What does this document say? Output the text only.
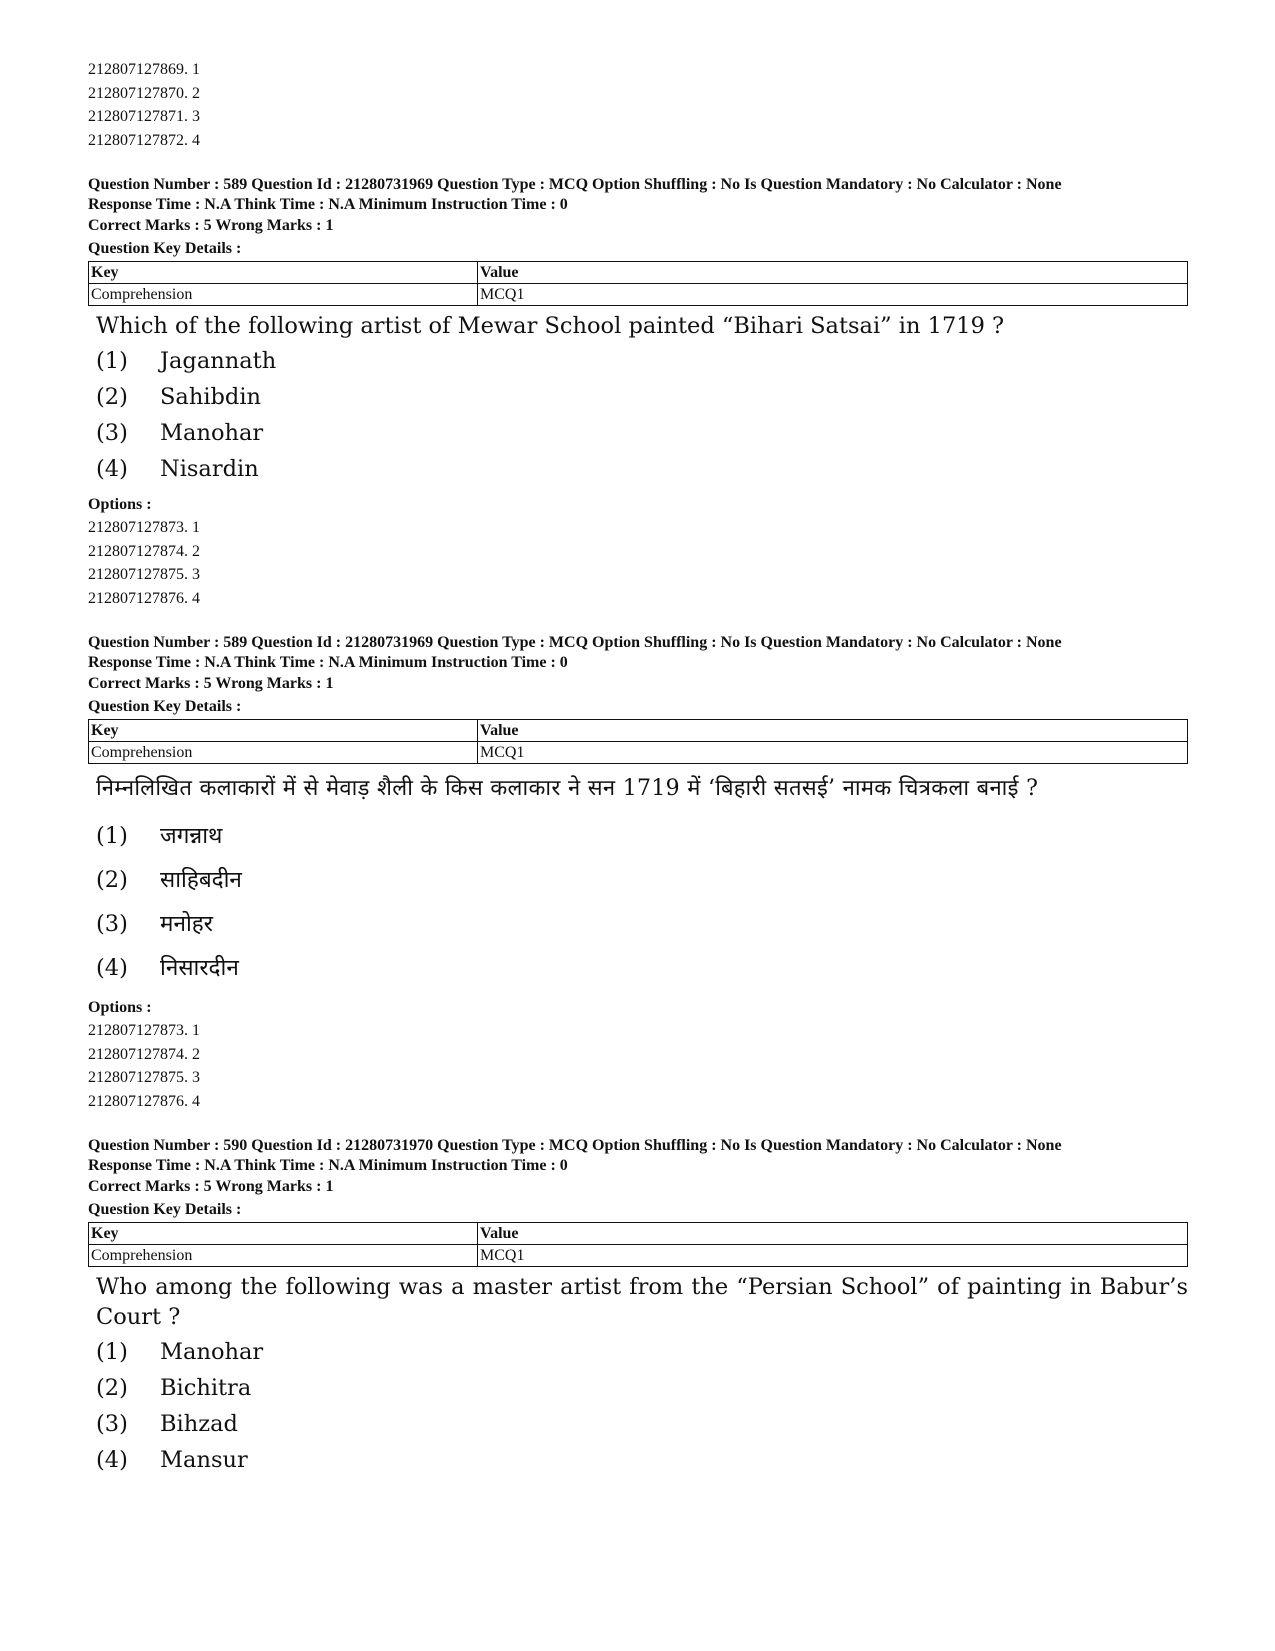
212807127869. 1
212807127870. 2
212807127871. 3
212807127872. 4
Question Number : 589 Question Id : 21280731969 Question Type : MCQ Option Shuffling : No Is Question Mandatory : No Calculator : None
Response Time : N.A Think Time : N.A Minimum Instruction Time : 0
Correct Marks : 5 Wrong Marks : 1
Question Key Details :
Key	Value
Comprehension	MCQ1
Which of the following artist of Mewar School painted “Bihari Satsai” in 1719 ?
(1)	Jagannath
(2)	Sahibdin
(3)	Manohar
(4)	Nisardin
Options :
212807127873. 1
212807127874. 2
212807127875. 3
212807127876. 4
Question Number : 589 Question Id : 21280731969 Question Type : MCQ Option Shuffling : No Is Question Mandatory : No Calculator : None
Response Time : N.A Think Time : N.A Minimum Instruction Time : 0
Correct Marks : 5 Wrong Marks : 1
Question Key Details :
Key	Value
Comprehension	MCQ1
निम्नलिखित कलाकारों में से मेवाड़ शैली के किस कलाकार ने सन 1719 में ‘बिहारी सतसई’ नामक चित्रकला बनाई ?
(1)	जगन्नाथ
(2)	साहिबदीन
(3)	मनोहर
(4)	निसारदीन
Options :
212807127873. 1
212807127874. 2
212807127875. 3
212807127876. 4
Question Number : 590 Question Id : 21280731970 Question Type : MCQ Option Shuffling : No Is Question Mandatory : No Calculator : None
Response Time : N.A Think Time : N.A Minimum Instruction Time : 0
Correct Marks : 5 Wrong Marks : 1
Question Key Details :
Key	Value
Comprehension	MCQ1
Who among the following was a master artist from the “Persian School” of painting in Babur’s Court ?
(1)	Manohar
(2)	Bichitra
(3)	Bihzad
(4)	Mansur
